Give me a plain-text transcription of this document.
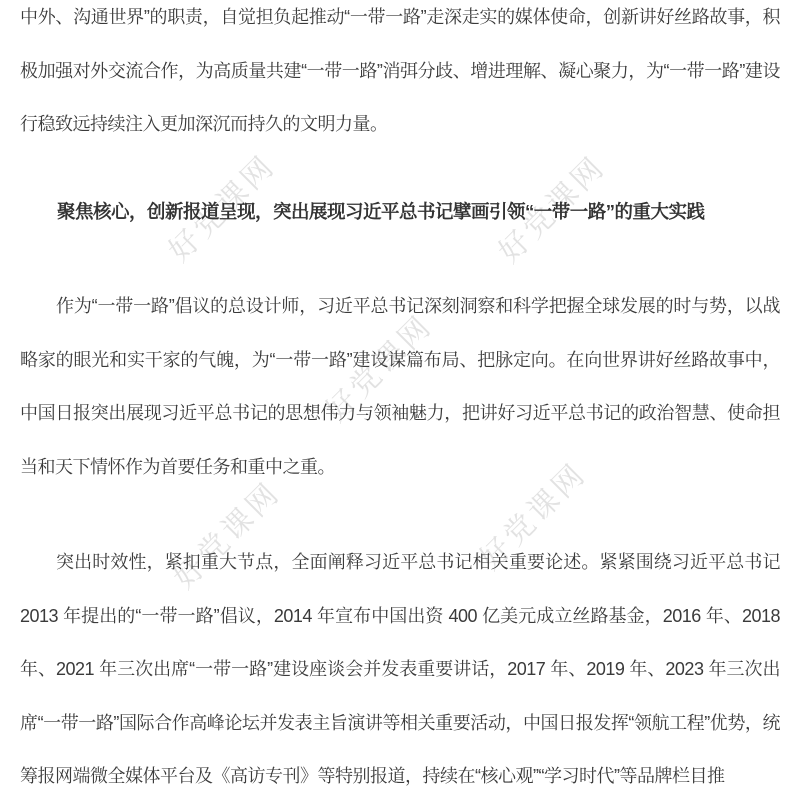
好党课网	好党课网
好党课网
好党课网
好党课网

中外、沟通世界”的职责，自觉担负起推动“一带一路”走深走实的媒体使命，创新讲好丝路故事，积极加强对外交流合作，为高质量共建“一带一路”消弭分歧、增进理解、凝心聚力，为“一带一路”建设行稳致远持续注入更加深沉而持久的文明力量。

聚焦核心，创新报道呈现，突出展现习近平总书记擘画引领“一带一路”的重大实践

作为“一带一路”倡议的总设计师，习近平总书记深刻洞察和科学把握全球发展的时与势，以战略家的眼光和实干家的气魄，为“一带一路”建设谋篇布局、把脉定向。在向世界讲好丝路故事中，中国日报突出展现习近平总书记的思想伟力与领袖魅力，把讲好习近平总书记的政治智慧、使命担当和天下情怀作为首要任务和重中之重。

突出时效性，紧扣重大节点，全面阐释习近平总书记相关重要论述。紧紧围绕习近平总书记 2013 年提出的“一带一路”倡议，2014 年宣布中国出资 400 亿美元成立丝路基金，2016 年、2018 年、2021 年三次出席“一带一路”建设座谈会并发表重要讲话，2017 年、2019 年、2023 年三次出席“一带一路”国际合作高峰论坛并发表主旨演讲等相关重要活动，中国日报发挥“领航工程”优势，统筹报网端微全媒体平台及《高访专刊》等特别报道，持续在“核心观”“学习时代”等品牌栏目推
